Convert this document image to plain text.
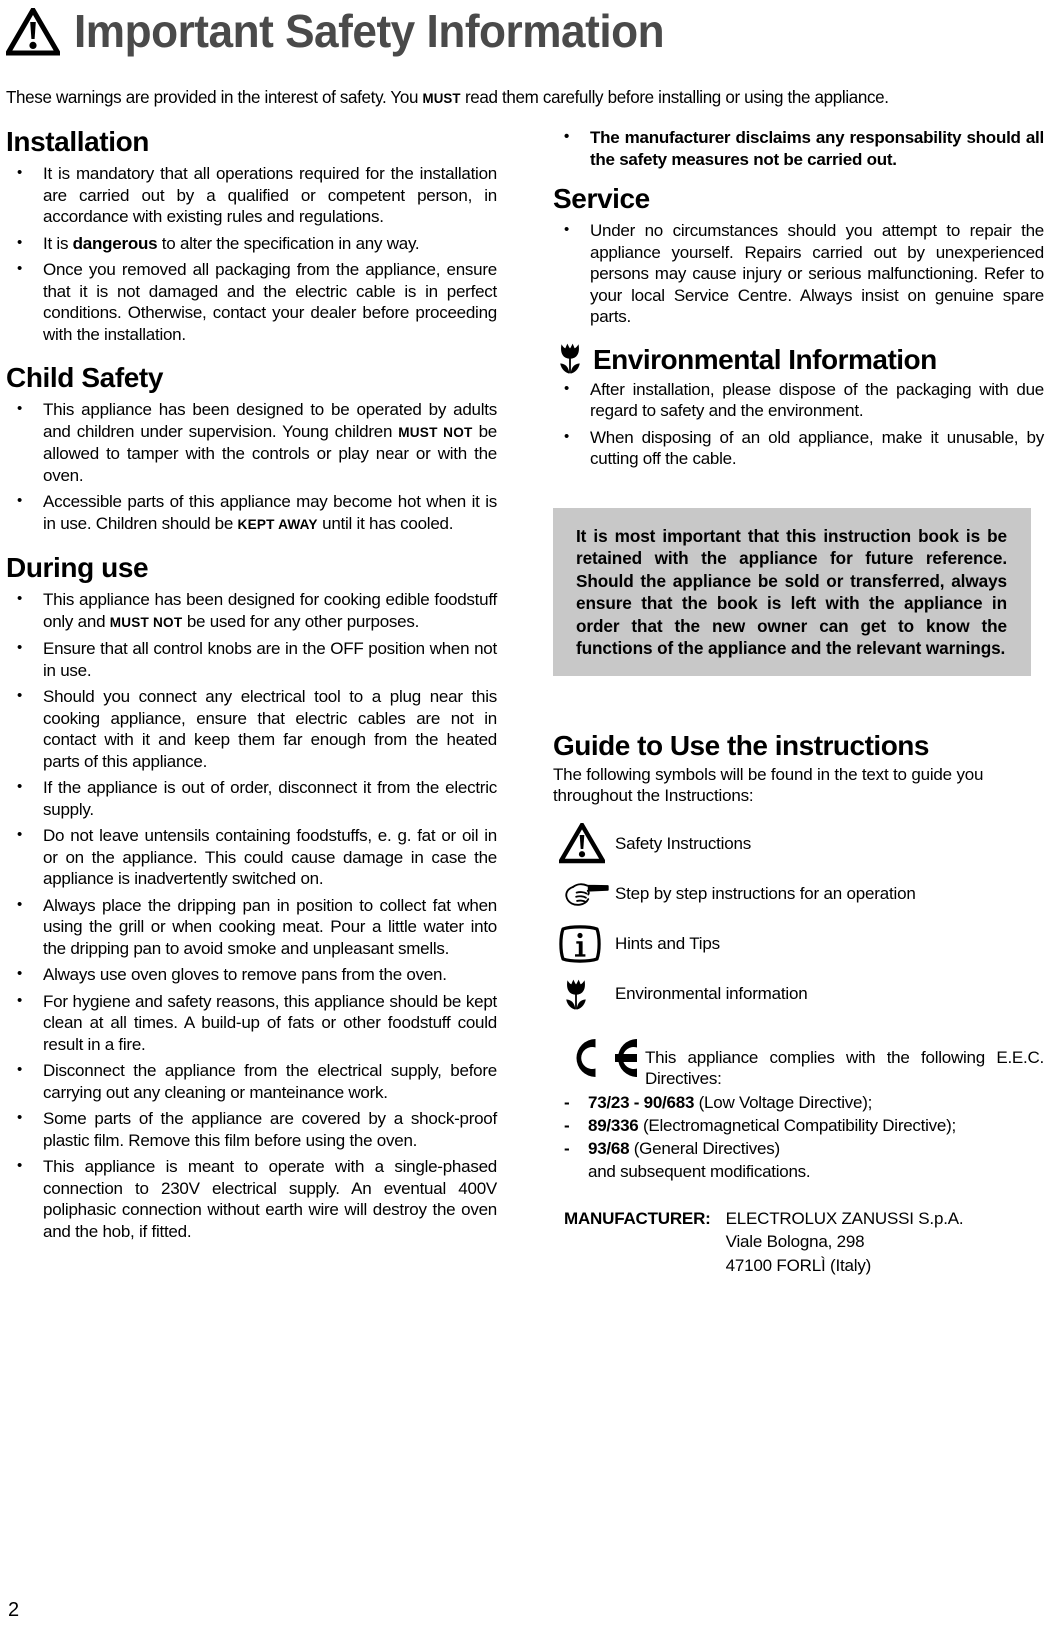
Important Safety Information
These warnings are provided in the interest of safety. You MUST read them carefully before installing or using the appliance.
Installation
• It is mandatory that all operations required for the installation are carried out by a qualified or competent person, in accordance with existing rules and regulations.
• It is dangerous to alter the specification in any way.
• Once you removed all packaging from the appliance, ensure that it is not damaged and the electric cable is in perfect conditions. Otherwise, contact your dealer before proceeding with the installation.
Child Safety
• This appliance has been designed to be operated by adults and children under supervision. Young children MUST NOT be allowed to tamper with the controls or play near or with the oven.
• Accessible parts of this appliance may become hot when it is in use. Children should be KEPT AWAY until it has cooled.
During use
• This appliance has been designed for cooking edible foodstuff only and MUST NOT be used for any other purposes.
• Ensure that all control knobs are in the OFF position when not in use.
• Should you connect any electrical tool to a plug near this cooking appliance, ensure that electric cables are not in contact with it and keep them far enough from the heated parts of this appliance.
• If the appliance is out of order, disconnect it from the electric supply.
• Do not leave untensils containing foodstuffs, e. g. fat or oil in or on the appliance. This could cause damage in case the appliance is inadvertently switched on.
• Always place the dripping pan in position to collect fat when using the grill or when cooking meat. Pour a little water into the dripping pan to avoid smoke and unpleasant smells.
• Always use oven gloves to remove pans from the oven.
• For hygiene and safety reasons, this appliance should be kept clean at all times. A build-up of fats or other foodstuff could result in a fire.
• Disconnect the appliance from the electrical supply, before carrying out any cleaning or manteinance work.
• Some parts of the appliance are covered by a shock-proof plastic film. Remove this film before using the oven.
• This appliance is meant to operate with a single-phased connection to 230V electrical supply. An eventual 400V poliphasic connection without earth wire will destroy the oven and the hob, if fitted.
• The manufacturer disclaims any responsability should all the safety measures not be carried out.
Service
• Under no circumstances should you attempt to repair the appliance yourself. Repairs carried out by unexperienced persons may cause injury or serious malfunctioning. Refer to your local Service Centre. Always insist on genuine spare parts.
Environmental Information
• After installation, please dispose of the packaging with due regard to safety and the environment.
• When disposing of an old appliance, make it unusable, by cutting off the cable.

It is most important that this instruction book is be retained with the appliance for future reference. Should the appliance be sold or transferred, always ensure that the book is left with the appliance in order that the new owner can get to know the functions of the appliance and the relevant warnings.

Guide to Use the instructions
The following symbols will be found in the text to guide you throughout the Instructions:
Safety Instructions
Step by step instructions for an operation
Hints and Tips
Environmental information
This appliance complies with the following E.E.C. Directives:
- 73/23 - 90/683 (Low Voltage Directive);
- 89/336 (Electromagnetical Compatibility Directive);
- 93/68 (General Directives)
and subsequent modifications.
MANUFACTURER: ELECTROLUX ZANUSSI S.p.A.
Viale Bologna, 298
47100 FORLÌ (Italy)
2
